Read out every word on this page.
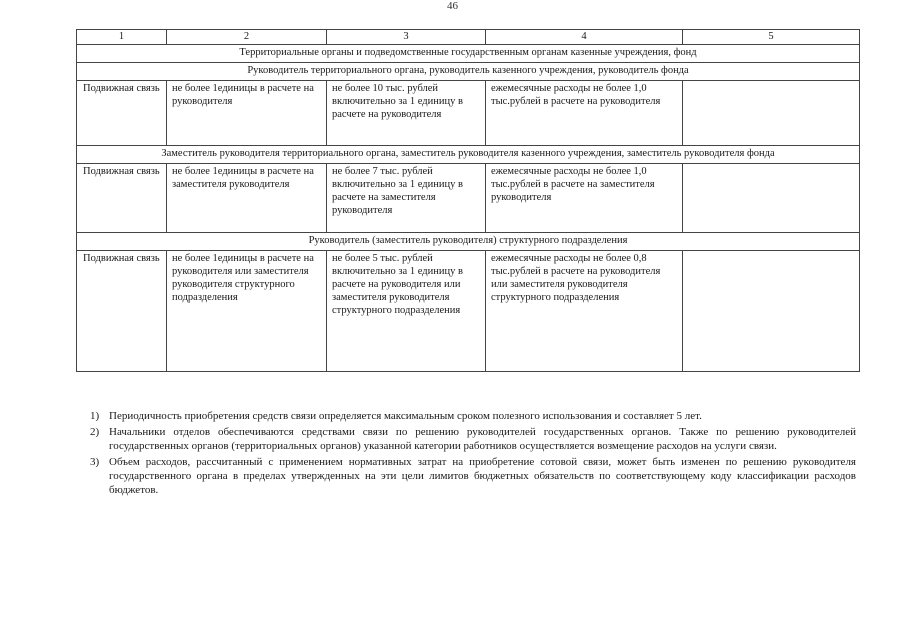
46
1	2	3	4	5
Территориальные органы и подведомственные государственным органам казенные учреждения, фонд				
Руководитель территориального органа, руководитель казенного учреждения, руководитель фонда				
Подвижная связь	не более 1единицы в расчете на руководителя	не более 10 тыс. рублей включительно за 1 единицу в расчете на руководителя	ежемесячные расходы не более 1,0 тыс.рублей в расчете на руководителя	
Заместитель руководителя территориального органа, заместитель руководителя казенного учреждения, заместитель руководителя фонда				
Подвижная связь	не более 1единицы в расчете на заместителя руководителя	не более 7 тыс. рублей включительно за 1 единицу в расчете на заместителя руководителя	ежемесячные расходы не более 1,0 тыс.рублей в расчете на заместителя руководителя	
Руководитель (заместитель руководителя) структурного подразделения				
Подвижная связь	не более 1единицы в расчете на руководителя или заместителя руководителя структурного подразделения	не более 5 тыс. рублей включительно за 1 единицу в расчете на руководителя или заместителя руководителя структурного подразделения	ежемесячные расходы не более 0,8 тыс.рублей в расчете на руководителя или заместителя руководителя структурного подразделения	
1) Периодичность приобретения средств связи определяется максимальным сроком полезного использования и составляет 5 лет.
2) Начальники отделов обеспечиваются средствами связи по решению руководителей государственных органов. Также по решению руководителей государственных органов (территориальных органов) указанной категории работников осуществляется возмещение расходов на услуги связи.
3) Объем расходов, рассчитанный с применением нормативных затрат на приобретение сотовой связи, может быть изменен по решению руководителя государственного органа в пределах утвержденных на эти цели лимитов бюджетных обязательств по соответствующему коду классификации расходов бюджетов.
